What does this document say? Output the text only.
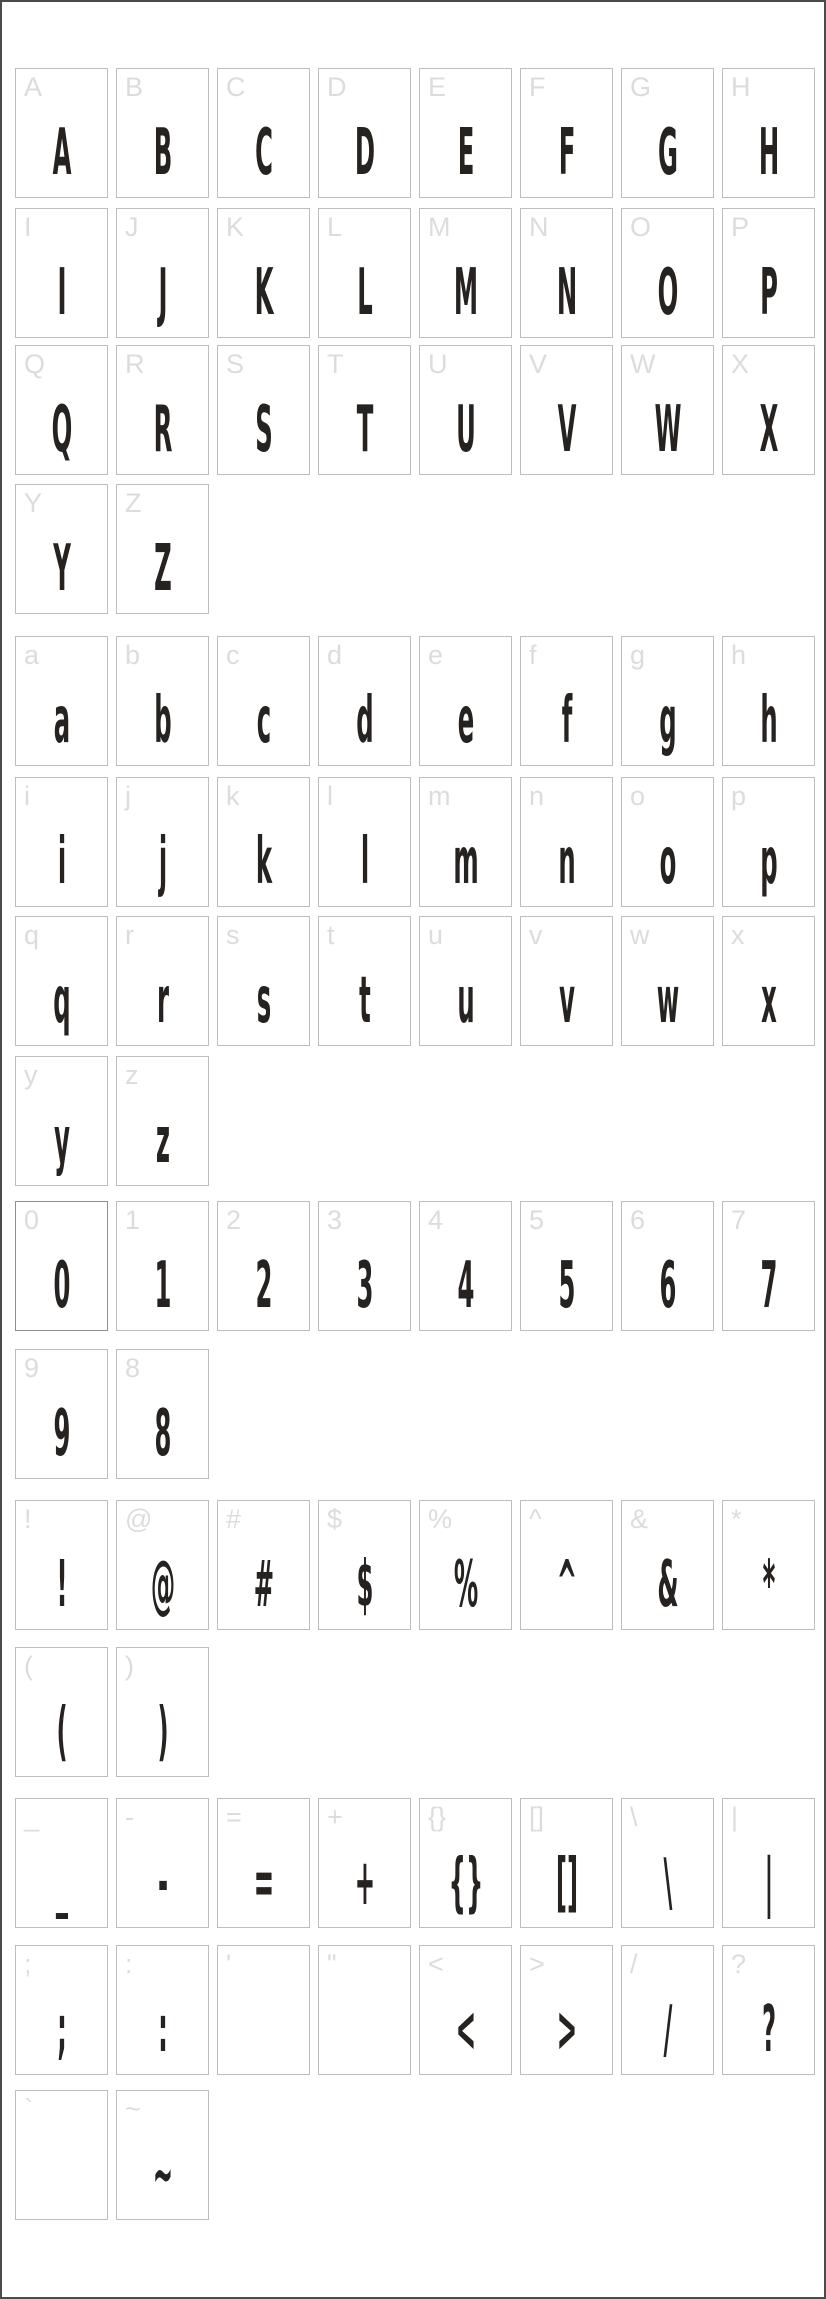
A
A
B
B
C
C
D
D
E
E
F
F
G
G
H
H
I
I
J
J
K
K
L
L
M
M
N
N
O
O
P
P
Q
Q
R
R
S
S
T
T
U
U
V
V
W
W
X
X
Y
Y
Z
Z
a
a
b
b
c
c
d
d
e
e
f
f
g
g
h
h
i
i
j
j
k
k
l
l
m
m
n
n
o
o
p
p
q
q
r
r
s
s
t
t
u
u
v
v
w
w
x
x
y
y
z
z
0
0
1
1
2
2
3
3
4
4
5
5
6
6
7
7
9
9
8
8
!
!
@
@
#
#
$
$
%
%
^
^
&
&
*
*
(
(
)
)
_
_
-
-
=
=
+
+
{}
{}
[]
[]
\
\
|
|
;
;
:
:
'	"	<
<
>
>
/
/
?
?
`	~
~
